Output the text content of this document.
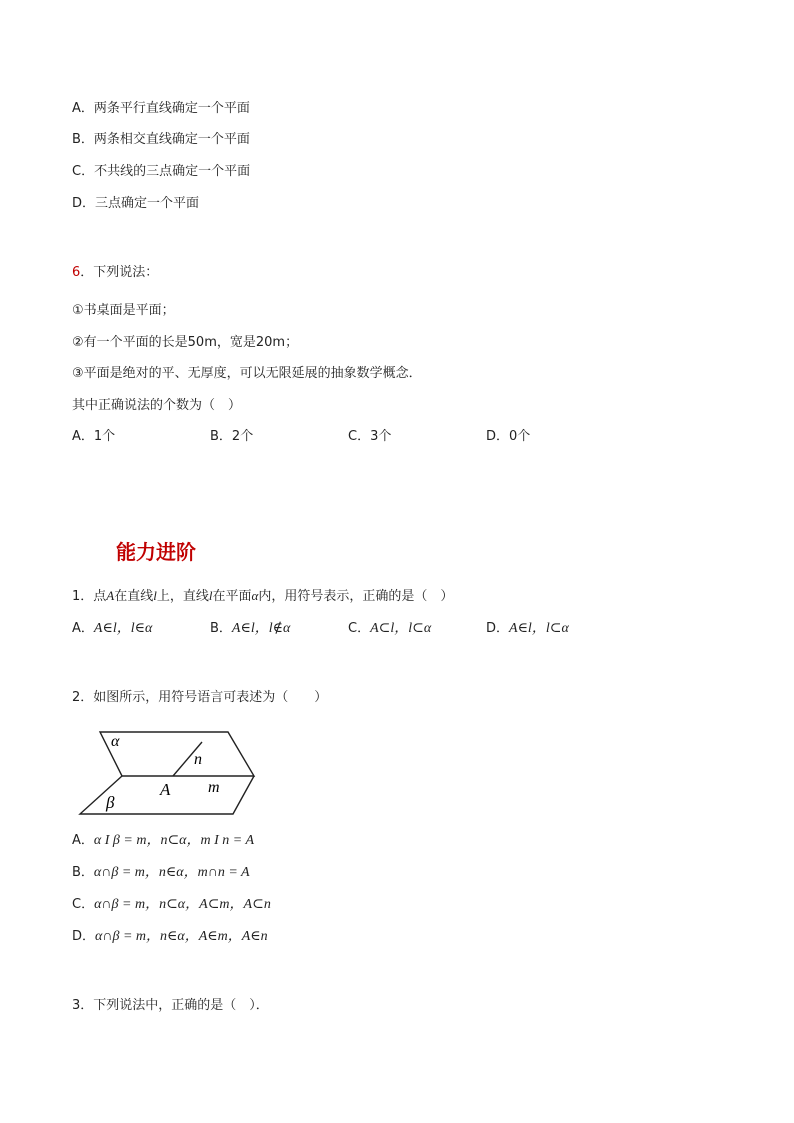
A．两条平行直线确定一个平面
B．两条相交直线确定一个平面
C．不共线的三点确定一个平面
D．三点确定一个平面
6．下列说法：
①书桌面是平面；
②有一个平面的长是50m，宽是20m；
③平面是绝对的平、无厚度，可以无限延展的抽象数学概念．
其中正确说法的个数为（　）
A．1个	B．2个	C．3个	D．0个
能力进阶
1．点A在直线l上，直线l在平面α内，用符号表示，正确的是（　）
A．A∈l，l∈α	B．A∈l，l∉α	C．A⊂l，l⊂α	D．A∈l，l⊂α
2．如图所示，用符号语言可表述为（　　）
α
β
n
A m
A．α I β = m，n⊂α，m I n = A
B．α∩β = m，n∈α，m∩n = A
C．α∩β = m，n⊂α，A⊂m，A⊂n
D．α∩β = m，n∈α，A∈m，A∈n
3．下列说法中，正确的是（　）．
